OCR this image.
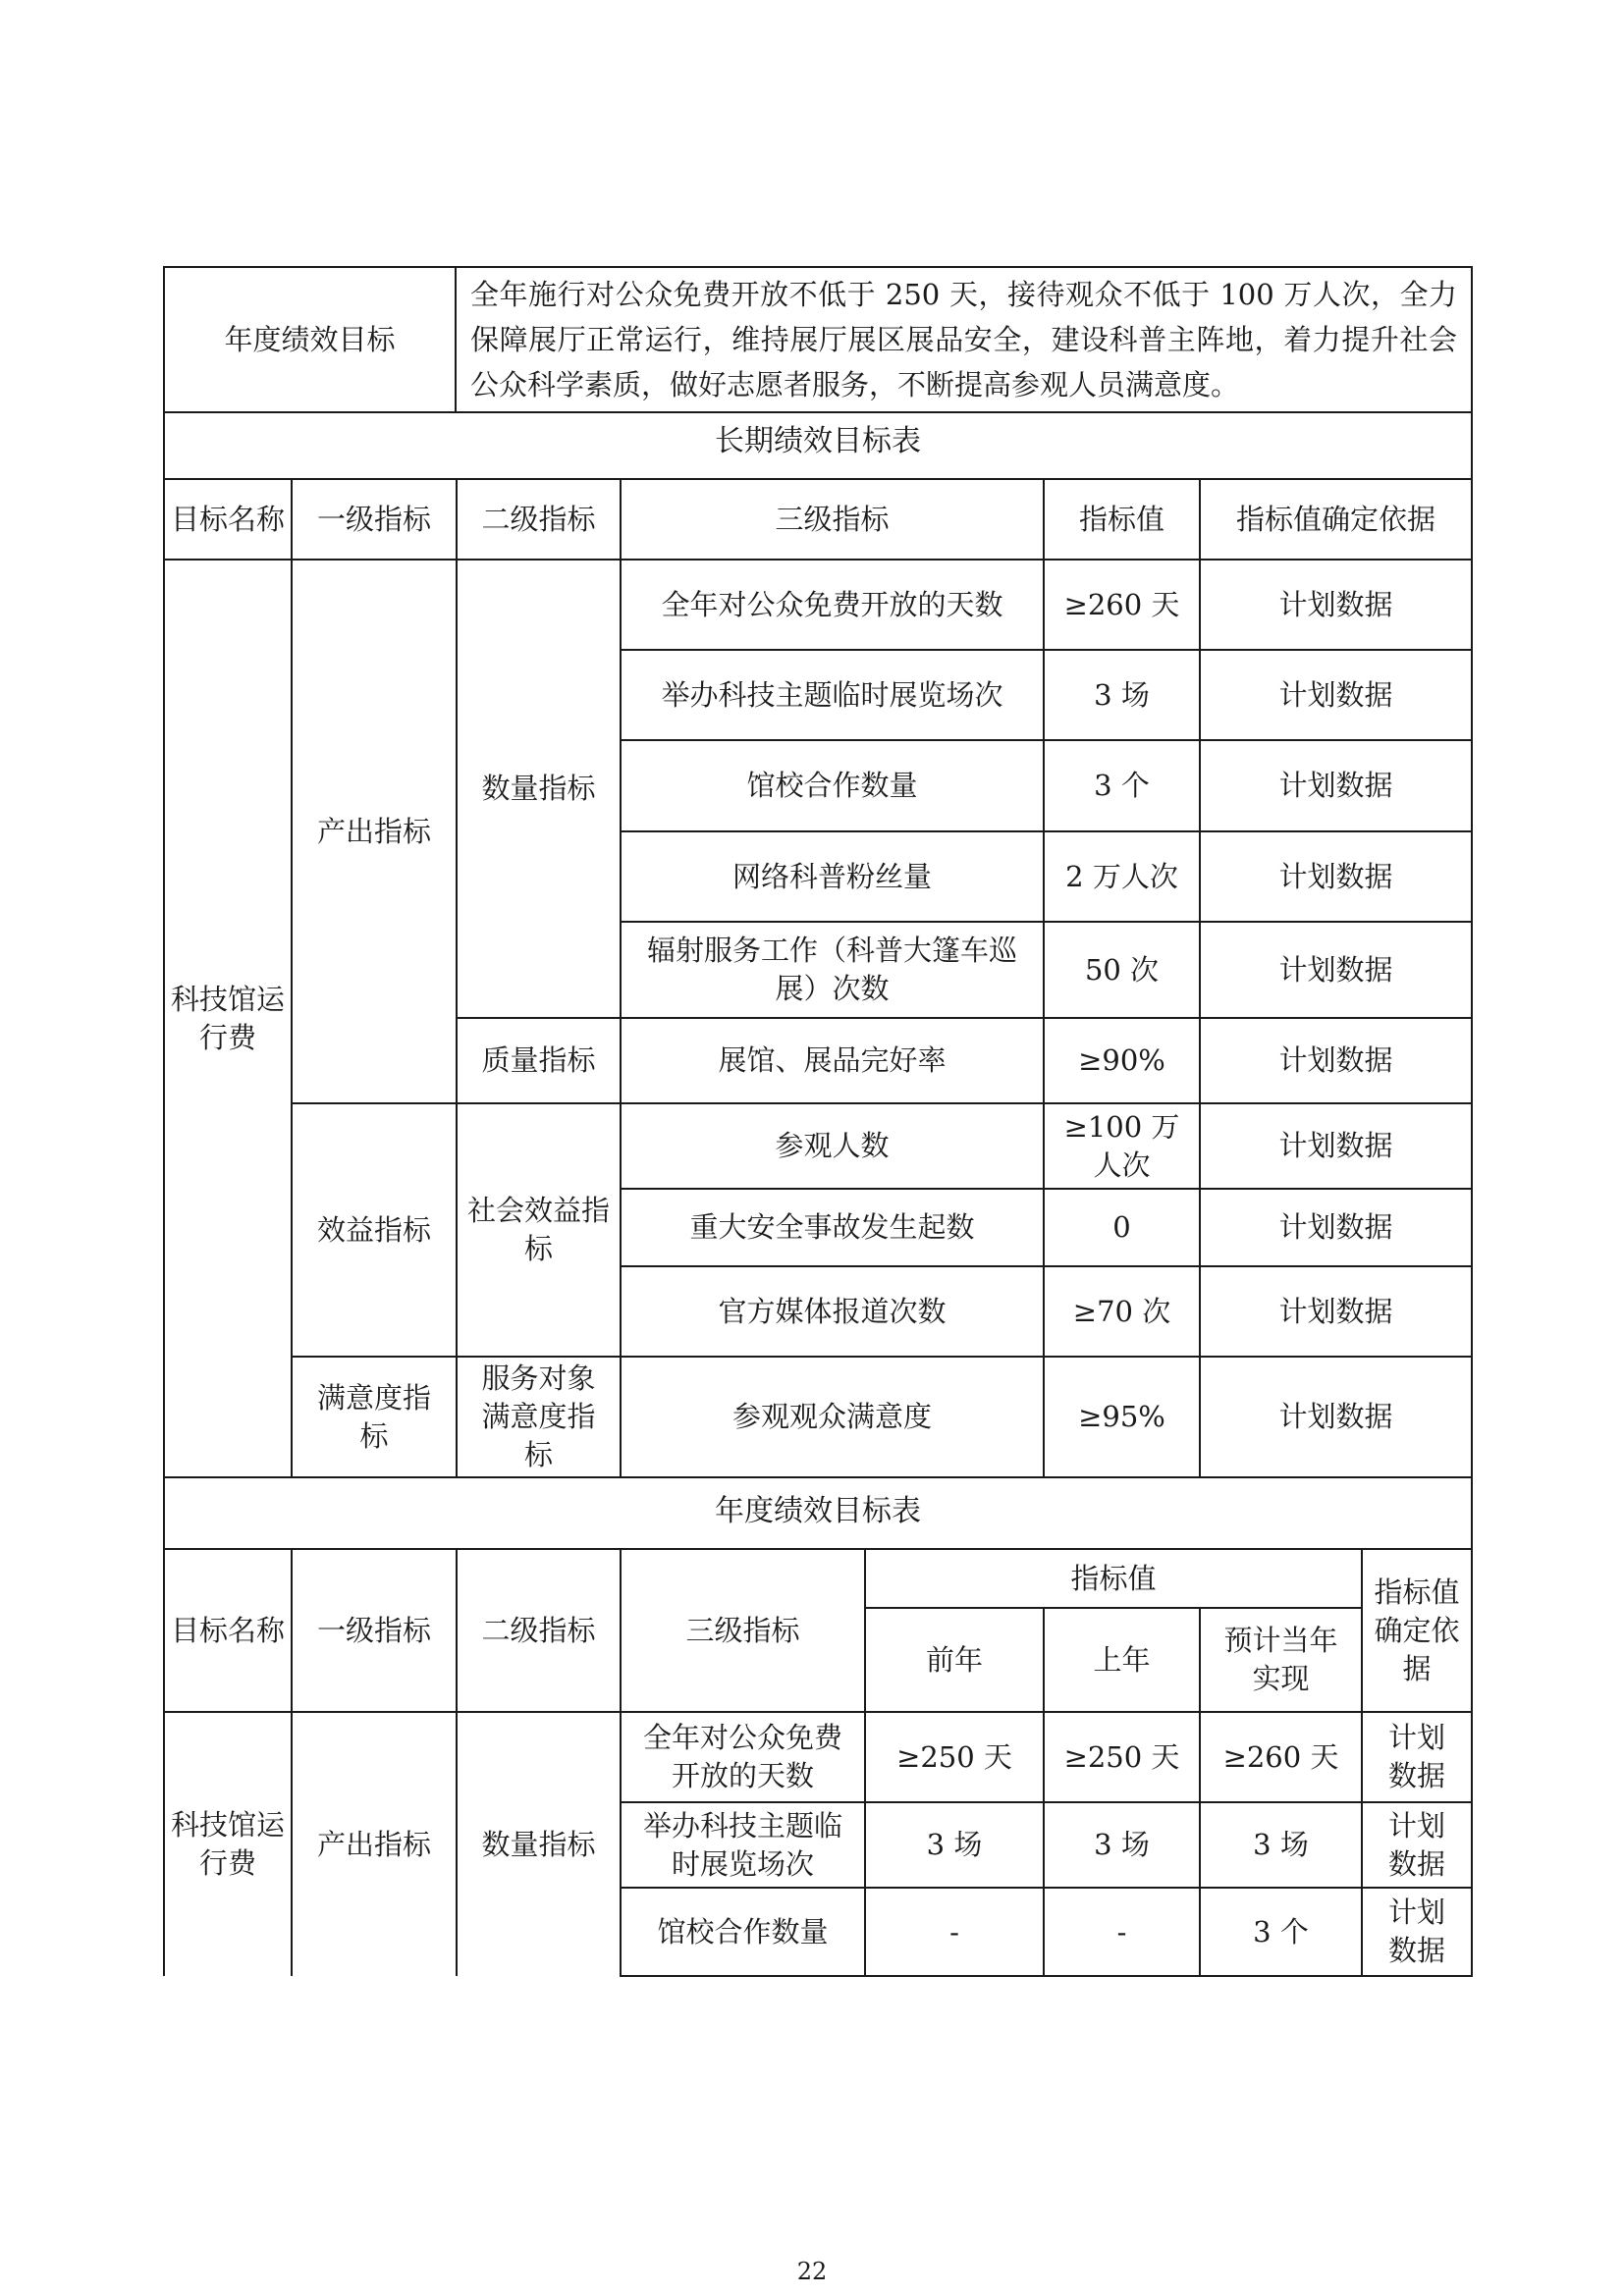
年度绩效目标	全年施行对公众免费开放不低于 250 天，接待观众不低于 100 万人次，全力保障展厅正常运行，维持展厅展区展品安全，建设科普主阵地，着力提升社会公众科学素质，做好志愿者服务，不断提高参观人员满意度。
长期绩效目标表					
目标名称	一级指标	二级指标	三级指标	指标值	指标值确定依据
科技馆运行费	产出指标	数量指标	全年对公众免费开放的天数	≥260 天	计划数据
			举办科技主题临时展览场次	3 场	计划数据
			馆校合作数量	3 个	计划数据
			网络科普粉丝量	2 万人次	计划数据
			辐射服务工作（科普大篷车巡展）次数	50 次	计划数据
		质量指标	展馆、展品完好率	≥90%	计划数据
	效益指标	社会效益指标	参观人数	≥100 万人次	计划数据
			重大安全事故发生起数	0	计划数据
			官方媒体报道次数	≥70 次	计划数据
	满意度指标	服务对象满意度指标	参观观众满意度	≥95%	计划数据
年度绩效目标表							
目标名称	一级指标	二级指标	三级指标	指标值			指标值确定依据
				前年	上年	预计当年实现	
科技馆运行费	产出指标	数量指标	全年对公众免费开放的天数	≥250 天	≥250 天	≥260 天	计划数据
			举办科技主题临时展览场次	3 场	3 场	3 场	计划数据
			馆校合作数量	-	-	3 个	计划数据
22
